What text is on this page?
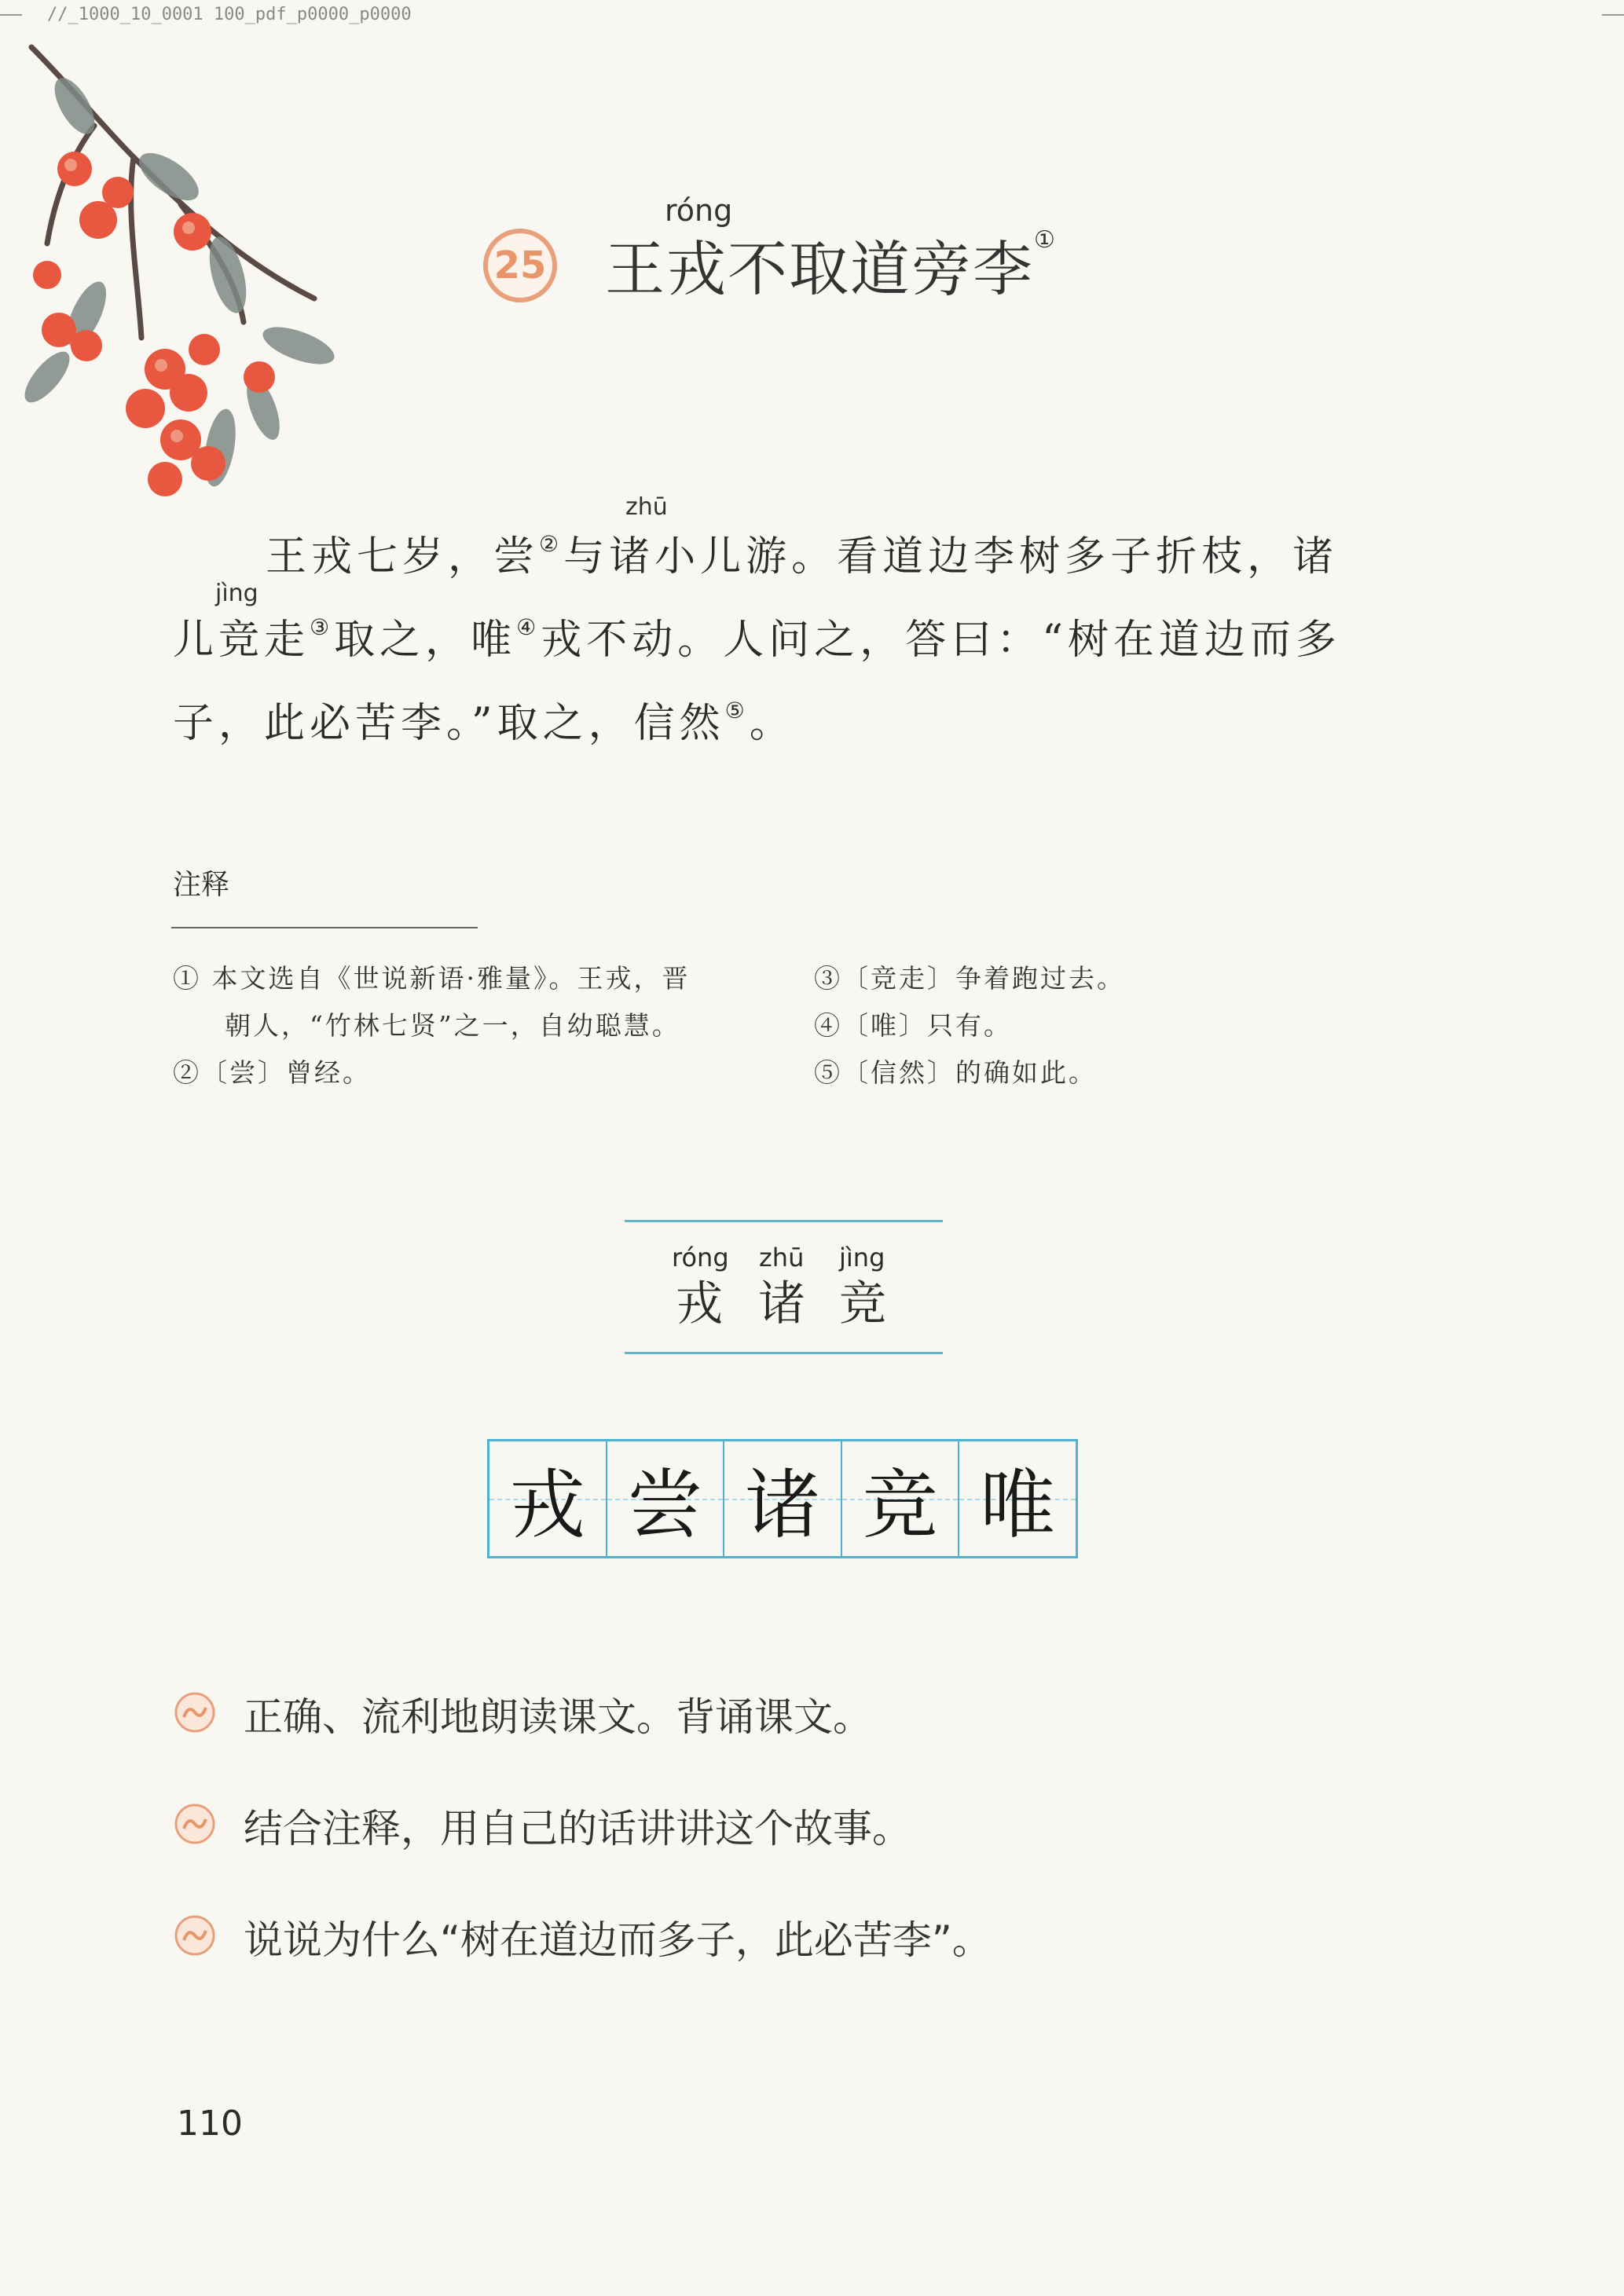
//_1000_10_0001 100_pdf_p0000_p0000
25
róng
王戎不取道旁李①
zhū
jìng
王戎七岁，尝②与诸小儿游。看道边李树多子折枝，诸
儿竞走③取之，唯④戎不动。人问之，答曰：“树在道边而多
子，此必苦李。”取之，信然⑤。
注释
① 本文选自《世说新语·雅量》。王戎，晋
朝人，“竹林七贤”之一，自幼聪慧。
②〔尝〕曾经。
③〔竞走〕争着跑过去。
④〔唯〕只有。
⑤〔信然〕的确如此。
róng
戎
zhū
诸
jìng
竞
戎 尝 诸 竞 唯
正确、流利地朗读课文。背诵课文。
结合注释，用自己的话讲讲这个故事。
说说为什么“树在道边而多子，此必苦李”。
110
